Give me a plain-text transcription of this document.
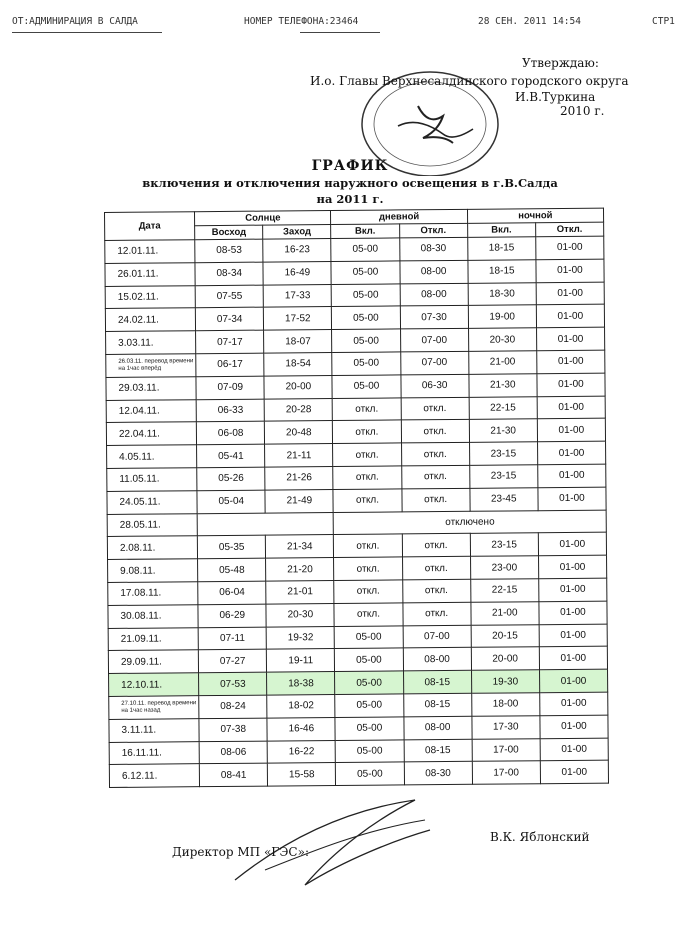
ОТ:АДМИНИРАЦИЯ В САЛДА	НОМЕР ТЕЛЕФОНА:23464	28 СЕН. 2011 14:54	СТР1
Утверждаю:
И.о. Главы Верхнесалдинского городского округа
И.В.Туркина
2010 г.
ГРАФИК
включения и отключения наружного освещения в г.В.Салда
на 2011 г.
Дата	Солнце		дневной		ночной	
	Восход	Заход	Вкл.	Откл.	Вкл.	Откл.
12.01.11.	08-53	16-23	05-00	08-30	18-15	01-00
26.01.11.	08-34	16-49	05-00	08-00	18-15	01-00
15.02.11.	07-55	17-33	05-00	08-00	18-30	01-00
24.02.11.	07-34	17-52	05-00	07-30	19-00	01-00
3.03.11.	07-17	18-07	05-00	07-00	20-30	01-00
26.03.11. перевод времени на 1час вперёд	06-17	18-54	05-00	07-00	21-00	01-00
29.03.11.	07-09	20-00	05-00	06-30	21-30	01-00
12.04.11.	06-33	20-28	откл.	откл.	22-15	01-00
22.04.11.	06-08	20-48	откл.	откл.	21-30	01-00
4.05.11.	05-41	21-11	откл.	откл.	23-15	01-00
11.05.11.	05-26	21-26	откл.	откл.	23-15	01-00
24.05.11.	05-04	21-49	откл.	откл.	23-45	01-00
28.05.11.			отключено			
2.08.11.	05-35	21-34	откл.	откл.	23-15	01-00
9.08.11.	05-48	21-20	откл.	откл.	23-00	01-00
17.08.11.	06-04	21-01	откл.	откл.	22-15	01-00
30.08.11.	06-29	20-30	откл.	откл.	21-00	01-00
21.09.11.	07-11	19-32	05-00	07-00	20-15	01-00
29.09.11.	07-27	19-11	05-00	08-00	20-00	01-00
12.10.11.	07-53	18-38	05-00	08-15	19-30	01-00
27.10.11. перевод времени на 1час назад	08-24	18-02	05-00	08-15	18-00	01-00
3.11.11.	07-38	16-46	05-00	08-00	17-30	01-00
16.11.11.	08-06	16-22	05-00	08-15	17-00	01-00
6.12.11.	08-41	15-58	05-00	08-30	17-00	01-00
Директор МП «ГЭС»:
В.К. Яблонский
